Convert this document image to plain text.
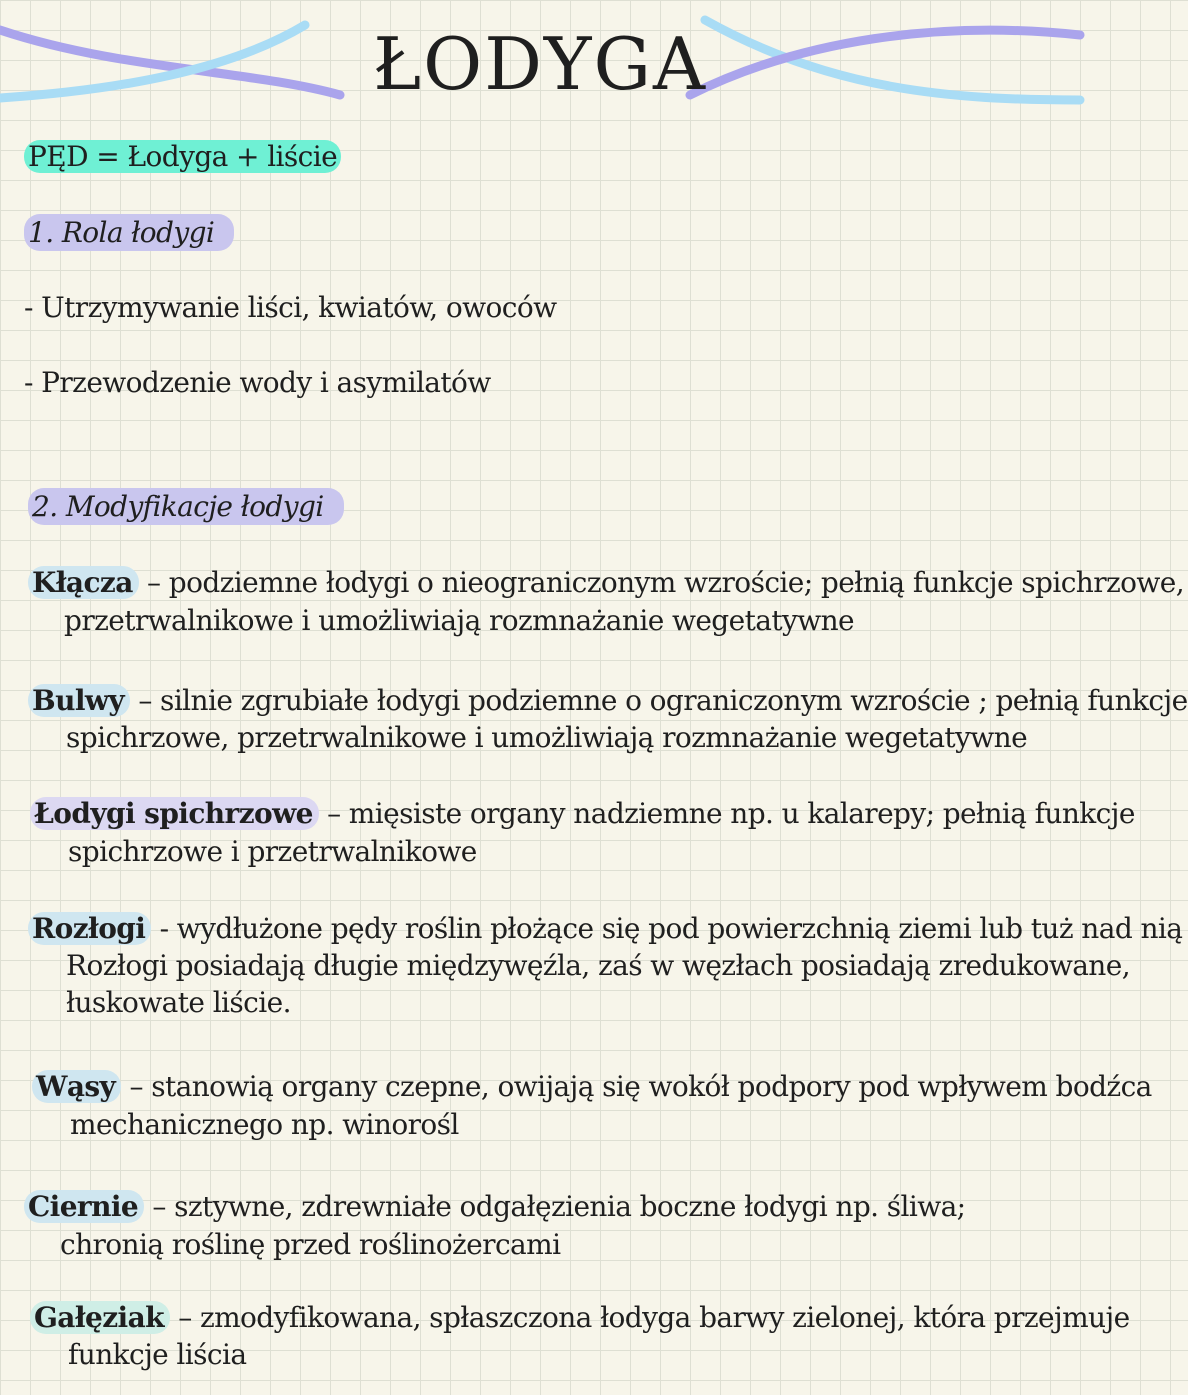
ŁODYGA
PĘD = Łodyga + liście
1. Rola łodygi
- Utrzymywanie liści, kwiatów, owoców
- Przewodzenie wody i asymilatów
2. Modyfikacje łodygi
Kłącza – podziemne łodygi o nieograniczonym wzroście; pełnią funkcje spichrzowe,
przetrwalnikowe i umożliwiają rozmnażanie wegetatywne
Bulwy – silnie zgrubiałe łodygi podziemne o ograniczonym wzroście ; pełnią funkcje
spichrzowe, przetrwalnikowe i umożliwiają rozmnażanie wegetatywne
Łodygi spichrzowe – mięsiste organy nadziemne np. u kalarepy; pełnią funkcje
spichrzowe i przetrwalnikowe
Rozłogi - wydłużone pędy roślin płożące się pod powierzchnią ziemi lub tuż nad nią
Rozłogi posiadają długie międzywęźla, zaś w węzłach posiadają zredukowane,
łuskowate liście.
Wąsy – stanowią organy czepne, owijają się wokół podpory pod wpływem bodźca
mechanicznego np. winorośl
Ciernie – sztywne, zdrewniałe odgałęzienia boczne łodygi np. śliwa;
chronią roślinę przed roślinożercami
Gałęziak – zmodyfikowana, spłaszczona łodyga barwy zielonej, która przejmuje
funkcje liścia
